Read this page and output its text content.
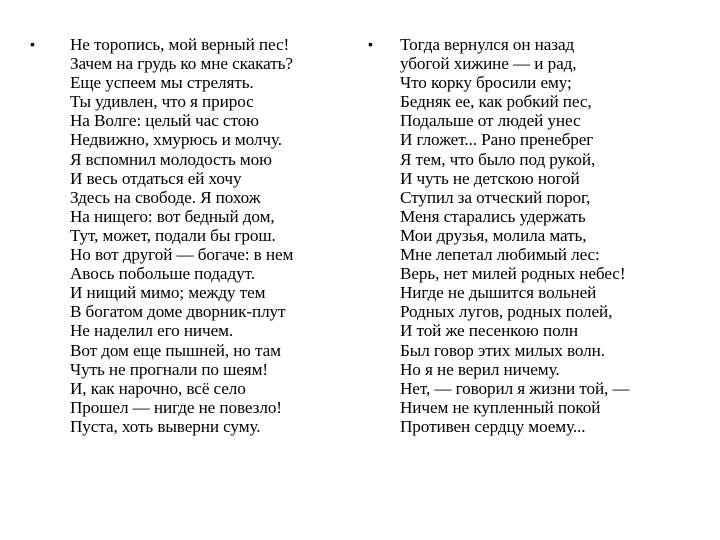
• Не торопись, мой верный пес!
Зачем на грудь ко мне скакать?
Еще успеем мы стрелять.
Ты удивлен, что я прирос
На Волге: целый час стою
Недвижно, хмурюсь и молчу.
Я вспомнил молодость мою
И весь отдаться ей хочу
Здесь на свободе. Я похож
На нищего: вот бедный дом,
Тут, может, подали бы грош.
Но вот другой — богаче: в нем
Авось побольше подадут.
И нищий мимо; между тем
В богатом доме дворник-плут
Не наделил его ничем.
Вот дом еще пышней, но там
Чуть не прогнали по шеям!
И, как нарочно, всё село
Прошел — нигде не повезло!
Пуста, хоть выверни суму.
• Тогда вернулся он назад
убогой хижине — и рад,
Что корку бросили ему;
Бедняк ее, как робкий пес,
Подальше от людей унес
И гложет... Рано пренебрег
Я тем, что было под рукой,
И чуть не детскою ногой
Ступил за отческий порог,
Меня старались удержать
Мои друзья, молила мать,
Мне лепетал любимый лес:
Верь, нет милей родных небес!
Нигде не дышится вольней
Родных лугов, родных полей,
И той же песенкою полн
Был говор этих милых волн.
Но я не верил ничему.
Нет, — говорил я жизни той, —
Ничем не купленный покой
Противен сердцу моему...
